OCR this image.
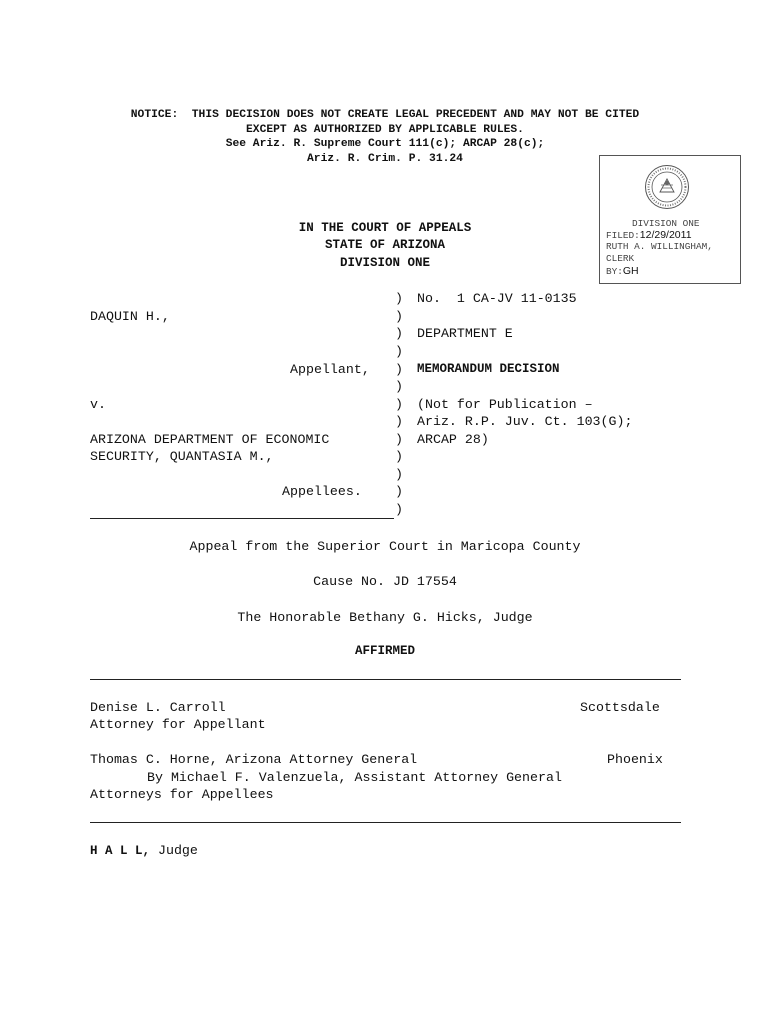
NOTICE:  THIS DECISION DOES NOT CREATE LEGAL PRECEDENT AND MAY NOT BE CITED
EXCEPT AS AUTHORIZED BY APPLICABLE RULES.
See Ariz. R. Supreme Court 111(c); ARCAP 28(c);
Ariz. R. Crim. P. 31.24
IN THE COURT OF APPEALS
STATE OF ARIZONA
DIVISION ONE
DIVISION ONE
FILED:12/29/2011
RUTH A. WILLINGHAM,
CLERK
BY:GH
DAQUIN H.,
Appellant,
v.
ARIZONA DEPARTMENT OF ECONOMIC
SECURITY, QUANTASIA M.,
Appellees.
)
)
)
)
)
)
)
)
)
)
)
)
)
No.  1 CA-JV 11-0135
DEPARTMENT E
MEMORANDUM DECISION
(Not for Publication –
Ariz. R.P. Juv. Ct. 103(G);
ARCAP 28)
Appeal from the Superior Court in Maricopa County
Cause No. JD 17554
The Honorable Bethany G. Hicks, Judge
AFFIRMED
Denise L. Carroll	Scottsdale
Attorney for Appellant
Thomas C. Horne, Arizona Attorney General	Phoenix
By Michael F. Valenzuela, Assistant Attorney General
Attorneys for Appellees
H A L L, Judge
